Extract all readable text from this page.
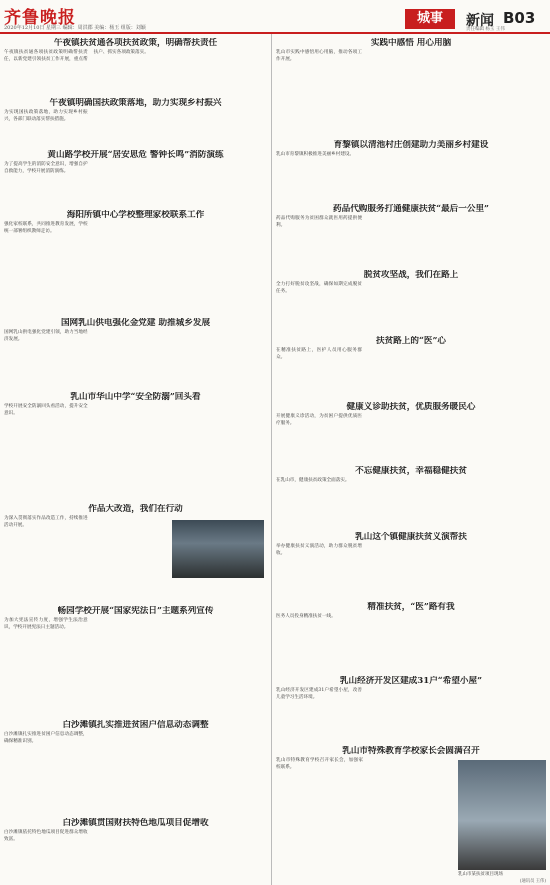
齐鲁晚报
2020年12月10日 星期三 编辑：周洪郡 美编：杨玉 组版：刘颖
城事	新闻 B03
责任编辑 杨玉 王伟
午夜镇扶贫通各项扶贫政策，明确帮扶责任
午夜镇扶贫通各项扶贫政策明确帮扶责任，以新党建引领扶贫工作开展，重点帮扶户、抓实各项政策落实。
午夜镇明确国扶政策落地，助力实现乡村振兴
为实现国扶政策落地，助力实现乡村振兴，各部门联动落实帮扶措施。
黄山路学校开展“居安思危 警钟长鸣”消防演练
为了提高学生的消防安全意识，增强自护自救能力，学校开展消防演练。
海阳所镇中心学校整理家校联系工作
强化家校联系，共同推进教育发展，学校统一部署组织教师走访。
国网乳山供电强化金党建 助推城乡发展
国网乳山供电强化党建引领，助力当地经济发展。
乳山市华山中学“安全防溺”回头看
学校开展安全防溺回头看活动，提升安全意识。
作品大改造，我们在行动
为深入贯彻落实作品改造工作，持续推进活动开展。
畅园学校开展“国家宪法日”主题系列宣传
为加大宪法宣传力度，增强学生法治意识，学校开展宪法日主题活动。
白沙滩镇扎实推进贫困户信息动态调整
白沙滩镇扎实推进贫困户信息动态调整，确保精准识别。
白沙滩镇贯国财扶特色地瓜项目促增收
白沙滩镇依托特色地瓜项目促进群众增收致富。
实践中感悟 用心用脑
乳山市实践中感悟用心用脑，推动各项工作开展。
育黎镇以清池村庄创建助力美丽乡村建设
乳山市育黎镇积极推进美丽乡村建设。
药品代购服务打通健康扶贫“最后一公里”
药品代购服务为贫困群众就医用药提供便利。
脱贫攻坚战，我们在路上
全力打好脱贫攻坚战，确保如期完成脱贫任务。
扶贫路上的“医”心
在精准扶贫路上，医护人员用心服务群众。
健康义诊助扶贫，优质服务暖民心
开展健康义诊活动，为贫困户提供优质医疗服务。
不忘健康扶贫，幸福稳健扶贫
在乳山市，健康扶贫政策全面落实。
乳山这个镇健康扶贫义演帮扶
举办健康扶贫义演活动，助力群众脱贫增收。
精准扶贫，“医”路有我
医务人员投身精准扶贫一线。
乳山经济开发区建成31户“希望小屋”
乳山经济开发区建成31户希望小屋，改善儿童学习生活环境。
乳山市特殊教育学校家长会圆满召开
乳山市特殊教育学校召开家长会，加强家校联系。
乳山市某扶贫项目现场
(通讯员 王伟)
